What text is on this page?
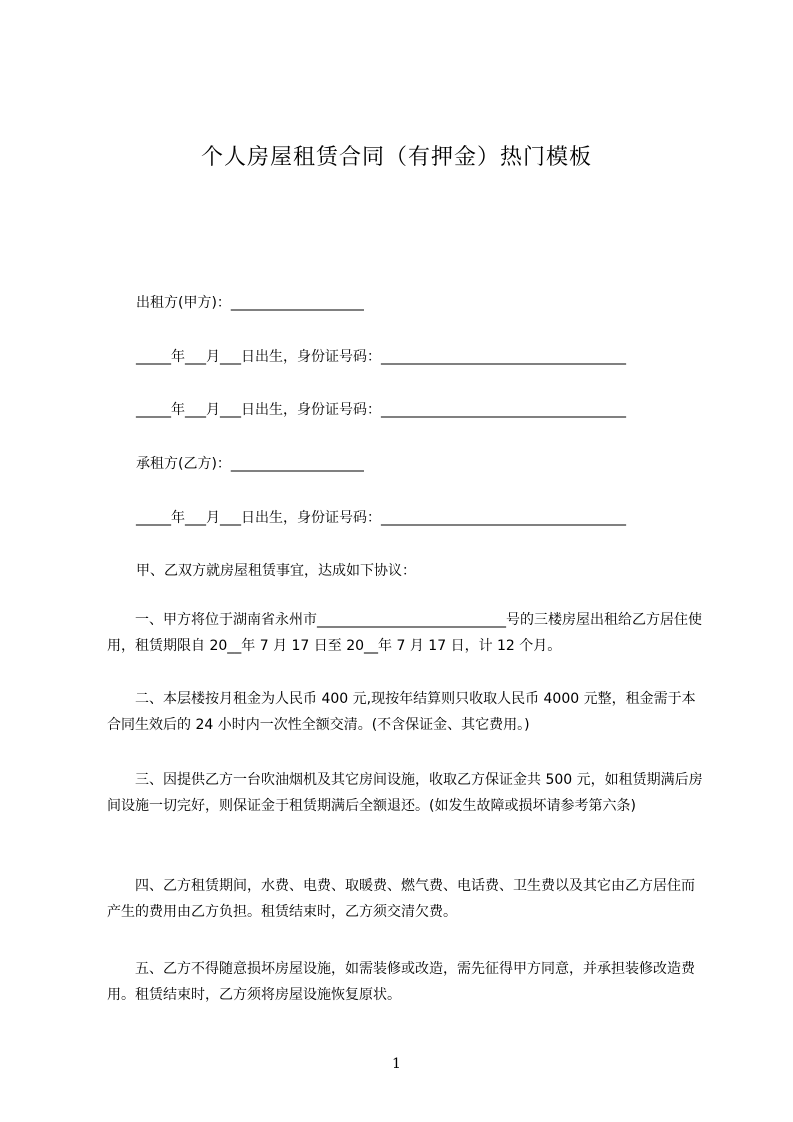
个人房屋租赁合同（有押金）热门模板
出租方(甲方)：___________________
_____年___月___日出生，身份证号码：___________________________________
_____年___月___日出生，身份证号码：___________________________________
承租方(乙方)：___________________
_____年___月___日出生，身份证号码：___________________________________
甲、乙双方就房屋租赁事宜，达成如下协议：
一、甲方将位于湖南省永州市___________________________号的三楼房屋出租给乙方居住使用，租赁期限自 20__年 7 月 17 日至 20__年 7 月 17 日，计 12 个月。
二、本层楼按月租金为人民币 400 元,现按年结算则只收取人民币 4000 元整，租金需于本合同生效后的 24 小时内一次性全额交清。(不含保证金、其它费用。)
三、因提供乙方一台吹油烟机及其它房间设施，收取乙方保证金共 500 元，如租赁期满后房间设施一切完好，则保证金于租赁期满后全额退还。(如发生故障或损坏请参考第六条)
四、乙方租赁期间，水费、电费、取暖费、燃气费、电话费、卫生费以及其它由乙方居住而产生的费用由乙方负担。租赁结束时，乙方须交清欠费。
五、乙方不得随意损坏房屋设施，如需装修或改造，需先征得甲方同意，并承担装修改造费用。租赁结束时，乙方须将房屋设施恢复原状。
1
